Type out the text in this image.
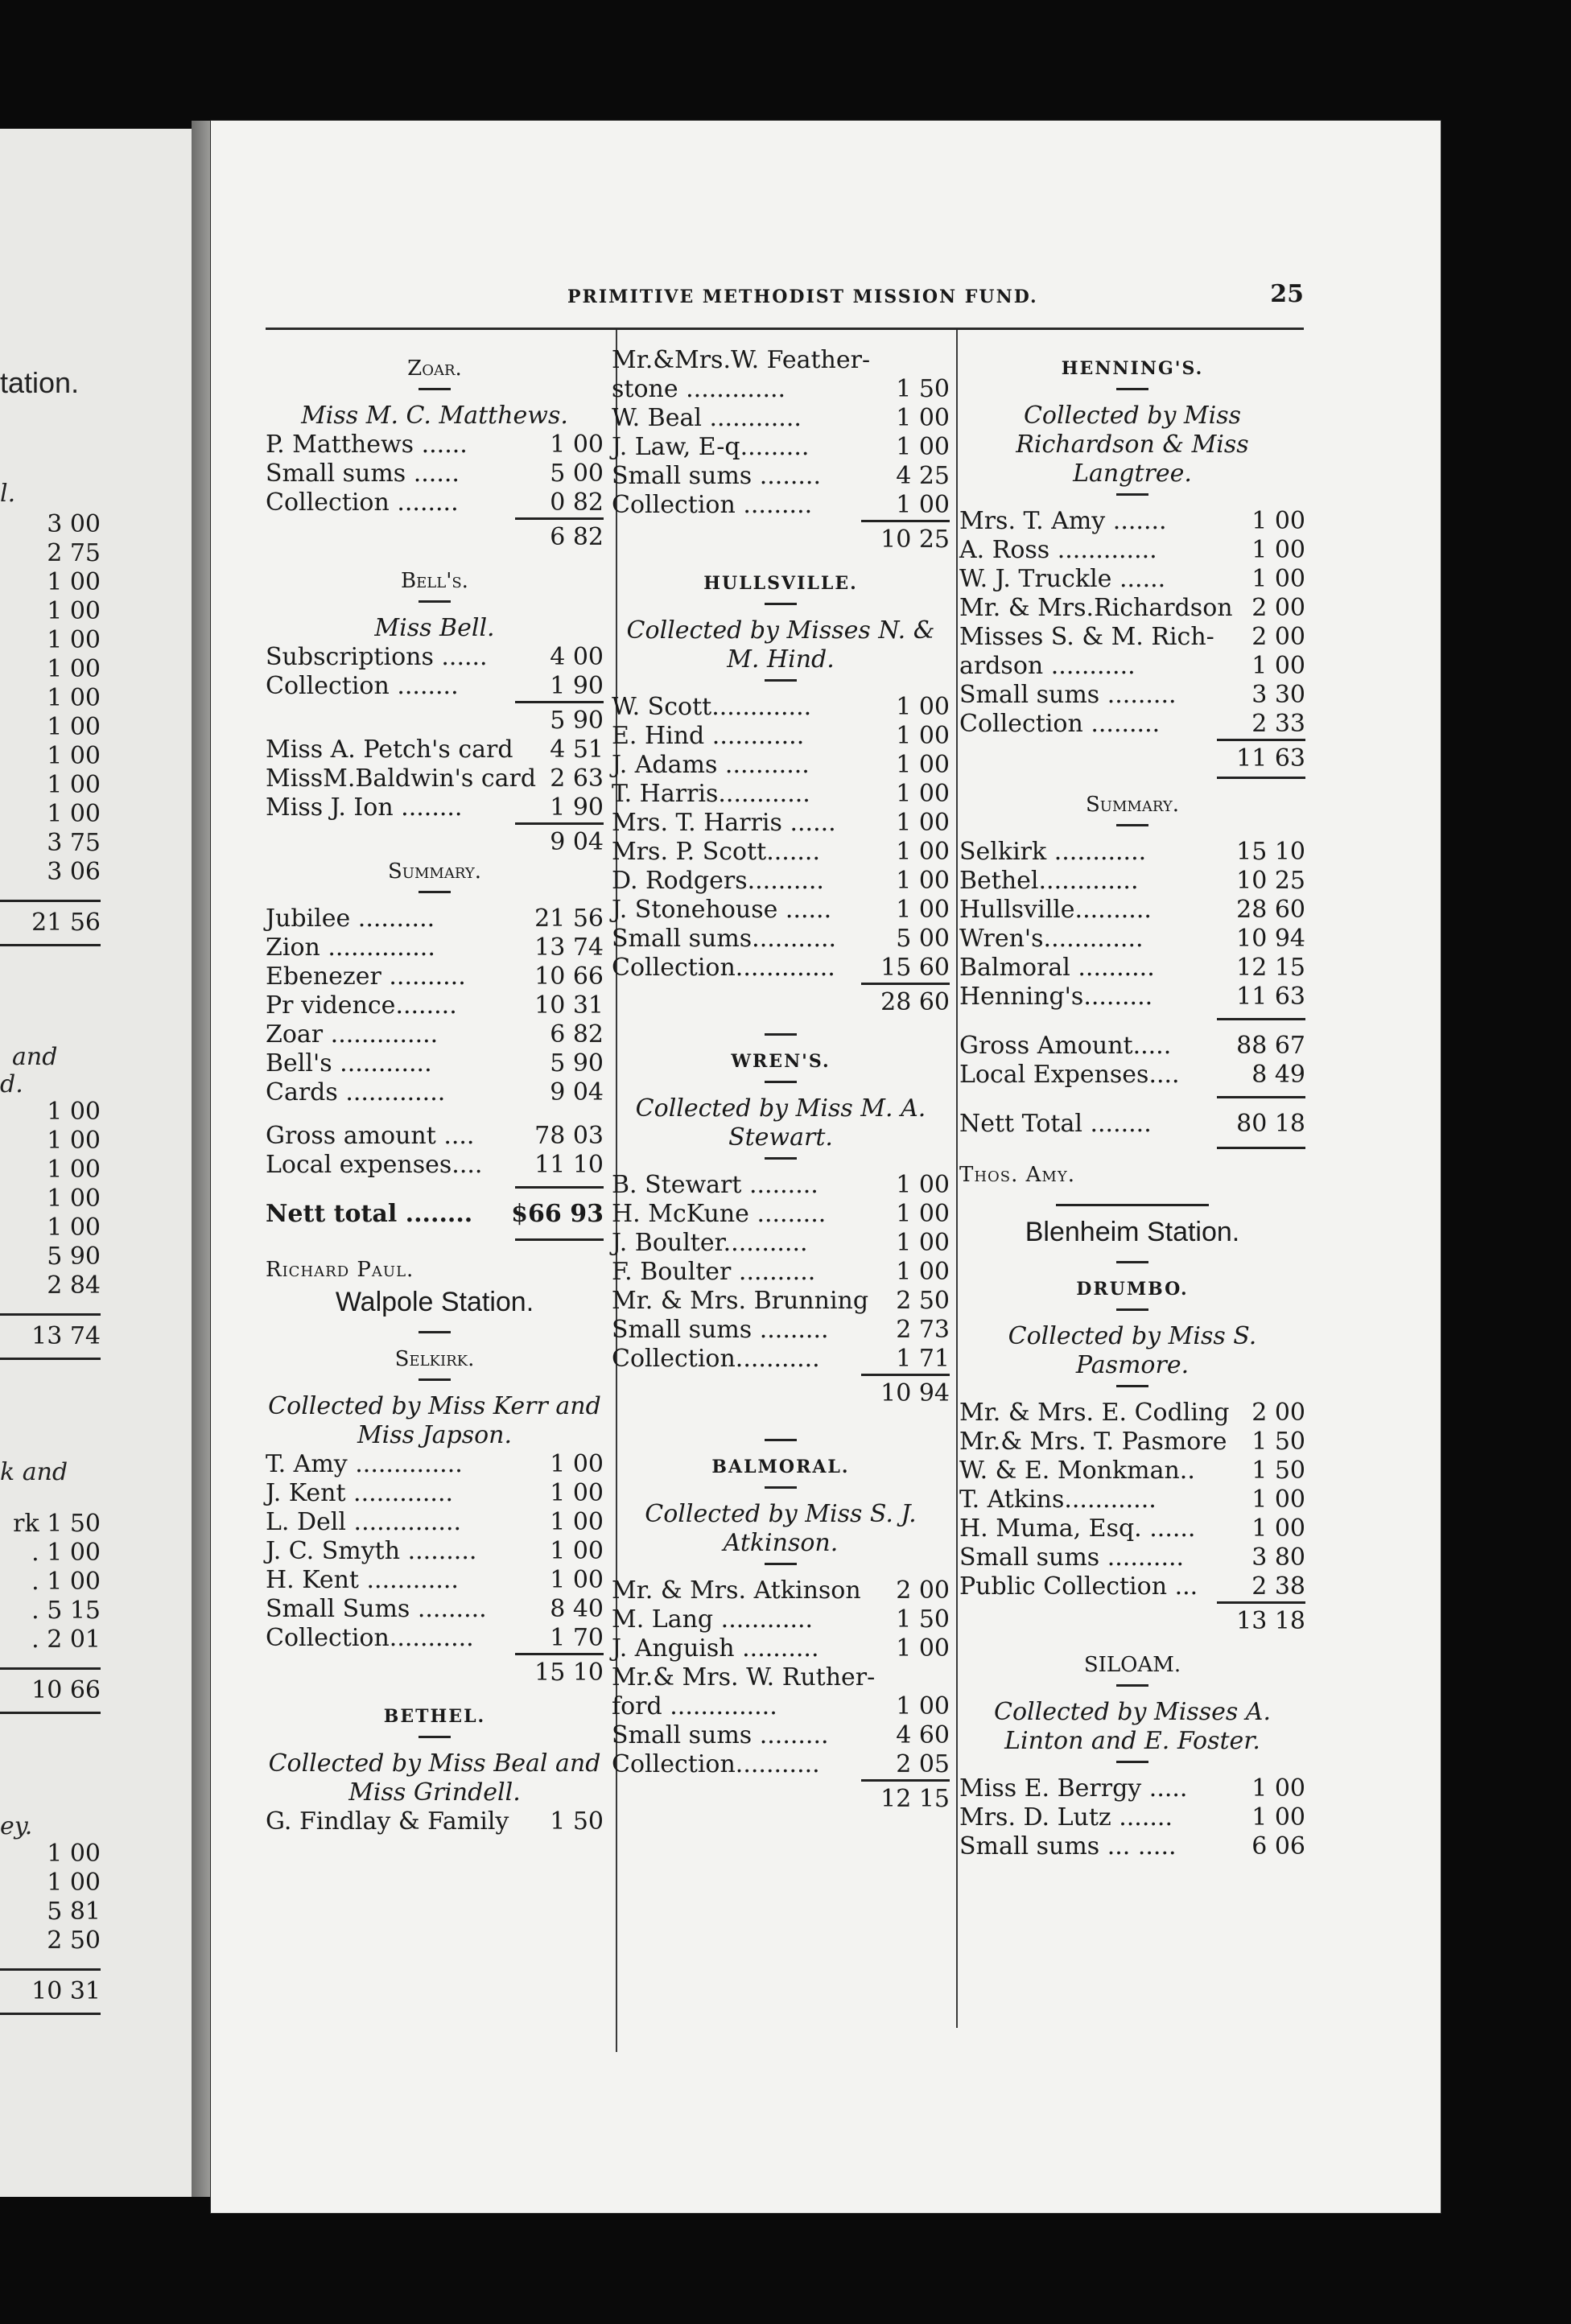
tation.
l.
3 00
2 75
1 00
1 00
1 00
1 00
1 00
1 00
1 00
1 00
1 00
3 75
3 06
21 56
and
d.
1 00
1 00
1 00
1 00
1 00
5 90
2 84
13 74
k and
rk 1 50
. 1 00
. 1 00
. 5 15
. 2 01
10 66
ey.
1 00
1 00
5 81
2 50
10 31
PRIMITIVE METHODIST MISSION FUND.	25
Zoar.
Miss M. C. Matthews.
P. Matthews ......	1 00
Small sums ......	5 00
Collection ........	0 82
6 82
Bell's.
Miss Bell.
Subscriptions ......	4 00
Collection ........	1 90
5 90
Miss A. Petch's card 4 51
MissM.Baldwin's card 2 63
Miss J. Ion ........	1 90
9 04
Summary.
Jubilee ..........	21 56
Zion ..............	13 74
Ebenezer ..........	10 66
Pr vidence........	10 31
Zoar ..............	6 82
Bell's ............	5 90
Cards .............	9 04
Gross amount .... 78 03
Local expenses.... 11 10
Nett total ........ $66 93
Richard Paul.
Walpole Station.
Selkirk.
Collected by Miss Kerr and Miss Japson.
T. Amy ..............	1 00
J. Kent .............	1 00
L. Dell ..............	1 00
J. C. Smyth .........	1 00
H. Kent ............	1 00
Small Sums .........	8 40
Collection...........	1 70
15 10
BETHEL.
Collected by Miss Beal and Miss Grindell.
G. Findlay & Family 1 50
Mr.&Mrs.W. Feather-
stone .............	1 50
W. Beal ............	1 00
J. Law, E-q.........	1 00
Small sums ........	4 25
Collection .........	1 00
10 25
HULLSVILLE.
Collected by Misses N. & M. Hind.
W. Scott.............	1 00
E. Hind ............	1 00
J. Adams ...........	1 00
T. Harris............	1 00
Mrs. T. Harris ...... 1 00
Mrs. P. Scott.......	1 00
D. Rodgers..........	1 00
J. Stonehouse ......	1 00
Small sums........... 5 00
Collection............. 15 60
28 60
WREN'S.
Collected by Miss M. A. Stewart.
B. Stewart .........	1 00
H. McKune .........	1 00
J. Boulter...........	1 00
F. Boulter ..........	1 00
Mr. & Mrs. Brunning 2 50
Small sums .........	2 73
Collection...........	1 71
10 94
BALMORAL.
Collected by Miss S. J. Atkinson.
Mr. & Mrs. Atkinson 2 00
M. Lang ............	1 50
J. Anguish ..........	1 00
Mr.& Mrs. W. Ruther-
ford ..............	1 00
Small sums .........	4 60
Collection...........	2 05
12 15
HENNING'S.
Collected by Miss Richardson & Miss Langtree.
Mrs. T. Amy .......	1 00
A. Ross .............	1 00
W. J. Truckle ......	1 00
Mr. & Mrs.Richardson 2 00
Misses S. & M. Rich- 2 00
ardson ...........	1 00
Small sums .........	3 30
Collection .........	2 33
11 63
Summary.
Selkirk ............	15 10
Bethel.............	10 25
Hullsville..........	28 60
Wren's.............	10 94
Balmoral ..........	12 15
Henning's.........	11 63
Gross Amount.....	88 67
Local Expenses....	8 49
Nett Total ........	80 18
Thos. Amy.
Blenheim Station.
DRUMBO.
Collected by Miss S. Pasmore.
Mr. & Mrs. E. Codling 2 00
Mr.& Mrs. T. Pasmore 1 50
W. & E. Monkman.. 1 50
T. Atkins............	1 00
H. Muma, Esq. ...... 1 00
Small sums ..........	3 80
Public Collection ... 2 38
13 18
SILOAM.
Collected by Misses A. Linton and E. Foster.
Miss E. Berrgy .....	1 00
Mrs. D. Lutz .......	1 00
Small sums ... .....	6 06
